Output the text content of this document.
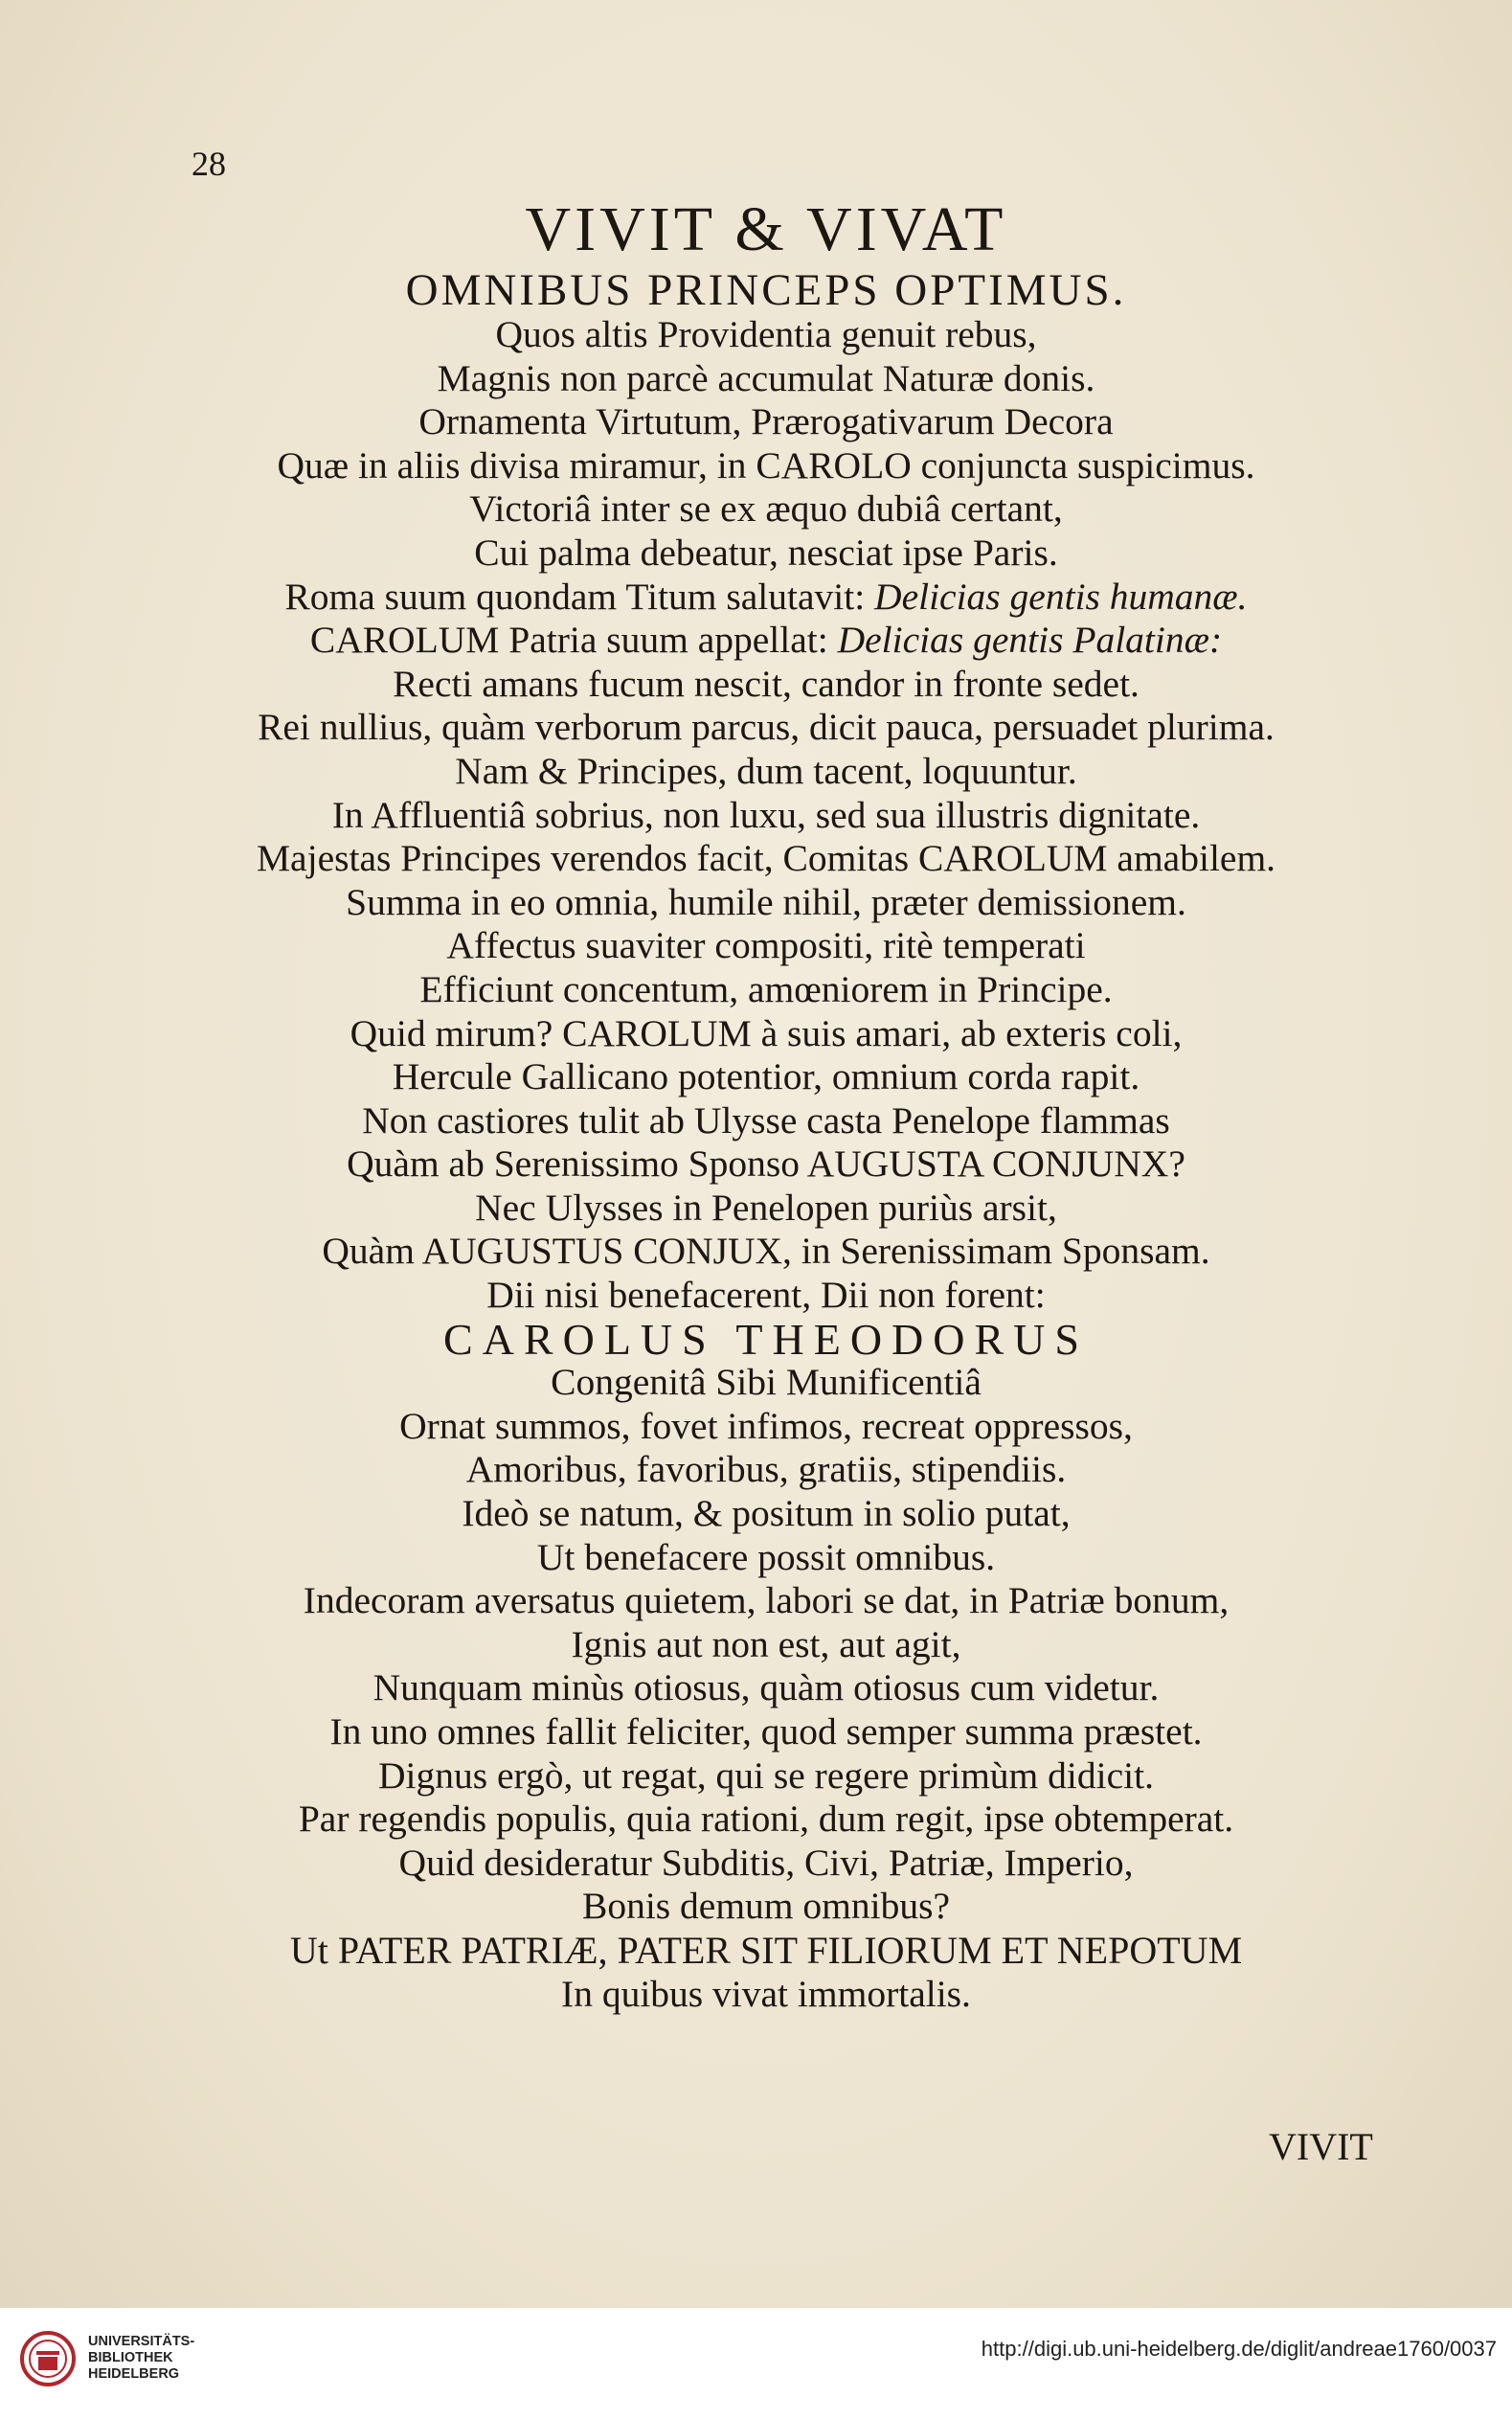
28
VIVIT & VIVAT
OMNIBUS PRINCEPS OPTIMUS.
Quos altis Providentia genuit rebus,
Magnis non parcè accumulat Naturæ donis.
Ornamenta Virtutum, Prærogativarum Decora
Quæ in aliis divisa miramur, in CAROLO conjuncta suspicimus.
Victoriâ inter se ex æquo dubiâ certant,
Cui palma debeatur, nesciat ipse Paris.
Roma suum quondam Titum salutavit: Delicias gentis humanæ.
CAROLUM Patria suum appellat: Delicias gentis Palatinæ:
Recti amans fucum nescit, candor in fronte sedet.
Rei nullius, quàm verborum parcus, dicit pauca, persuadet plurima.
Nam & Principes, dum tacent, loquuntur.
In Affluentiâ sobrius, non luxu, sed sua illustris dignitate.
Majestas Principes verendos facit, Comitas CAROLUM amabilem.
Summa in eo omnia, humile nihil, præter demissionem.
Affectus suaviter compositi, ritè temperati
Efficiunt concentum, amœniorem in Principe.
Quid mirum? CAROLUM à suis amari, ab exteris coli,
Hercule Gallicano potentior, omnium corda rapit.
Non castiores tulit ab Ulysse casta Penelope flammas
Quàm ab Serenissimo Sponso AUGUSTA CONJUNX?
Nec Ulysses in Penelopen puriùs arsit,
Quàm AUGUSTUS CONJUX, in Serenissimam Sponsam.
Dii nisi benefacerent, Dii non forent:
CAROLUS THEODORUS
Congenitâ Sibi Munificentiâ
Ornat summos, fovet infimos, recreat oppressos,
Amoribus, favoribus, gratiis, stipendiis.
Ideò se natum, & positum in solio putat,
Ut benefacere possit omnibus.
Indecoram aversatus quietem, labori se dat, in Patriæ bonum,
Ignis aut non est, aut agit,
Nunquam minùs otiosus, quàm otiosus cum videtur.
In uno omnes fallit feliciter, quod semper summa præstet.
Dignus ergò, ut regat, qui se regere primùm didicit.
Par regendis populis, quia rationi, dum regit, ipse obtemperat.
Quid desideratur Subditis, Civi, Patriæ, Imperio,
Bonis demum omnibus?
Ut PATER PATRIÆ, PATER SIT FILIORUM ET NEPOTUM
In quibus vivat immortalis.
VIVIT
UNIVERSITÄTS-
BIBLIOTHEK
HEIDELBERG
http://digi.ub.uni-heidelberg.de/diglit/andreae1760/0037
